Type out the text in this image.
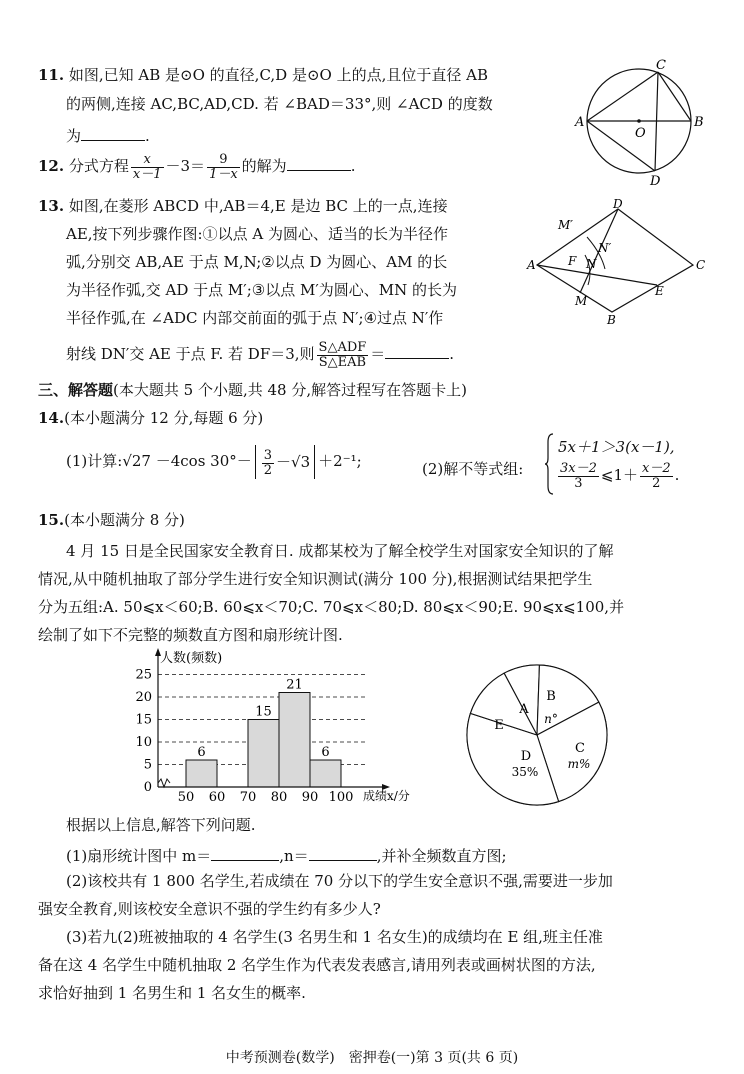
11. 如图,已知 AB 是⊙O 的直径,C,D 是⊙O 上的点,且位于直径 AB
的两侧,连接 AC,BC,AD,CD. 若 ∠BAD＝33°,则 ∠ACD 的度数
为	.
A	B
C
D
O
12. 分式方程 $\frac{x}{x-1} -3= \frac{9}{1-x}$ 的解为	.
13. 如图,在菱形 ABCD 中,AB＝4,E 是边 BC 上的一点,连接
AE,按下列步骤作图:①以点 A 为圆心、适当的长为半径作
弧,分别交 AB,AE 于点 M,N;②以点 D 为圆心、AM 的长
为半径作弧,交 AD 于点 M′;③以点 M′为圆心、MN 的长为
半径作弧,在 ∠ADC 内部交前面的弧于点 N′;④过点 N′作
射线 DN′交 AE 于点 F. 若 DF＝3,则 $\frac{\text{S△ADF}}{\text{S△EAB}}$ ＝	.
A
B
C
D
E
F
M
N
M′
N′
三、解答题(本大题共 5 个小题,共 48 分,解答过程写在答题卡上)
14.(本小题满分 12 分,每题 6 分)
(1)计算:√27 －4cos $30^\circ- \frac{3}{2} -√3 +2^{-1}$;	(2)解不等式组:
5x＋1＞3(x－1),
$\frac{3x-2}{3}$ ⩽1＋ $\frac{x-2}{2}$ .
15.(本小题满分 8 分)
4 月 15 日是全民国家安全教育日. 成都某校为了解全校学生对国家安全知识的了解
情况,从中随机抽取了部分学生进行安全知识测试(满分 100 分),根据测试结果把学生
分为五组:A. 50⩽x＜60;B. 60⩽x＜70;C. 70⩽x＜80;D. 80⩽x＜90;E. 90⩽x⩽100,并
绘制了如下不完整的频数直方图和扇形统计图.
0
5
10
15
20
25
50 60 70 80 90 100
6
15
21
6
人数(频数)
成绩x/分
A
B
n°
C
m%
D
35%
E
根据以上信息,解答下列问题.
(1)扇形统计图中 m＝	,n＝	,并补全频数直方图;
(2)该校共有 1 800 名学生,若成绩在 70 分以下的学生安全意识不强,需要进一步加
强安全教育,则该校安全意识不强的学生约有多少人?
(3)若九(2)班被抽取的 4 名学生(3 名男生和 1 名女生)的成绩均在 E 组,班主任准
备在这 4 名学生中随机抽取 2 名学生作为代表发表感言,请用列表或画树状图的方法,
求恰好抽到 1 名男生和 1 名女生的概率.
中考预测卷(数学)　密押卷(一)第 3 页(共 6 页)
